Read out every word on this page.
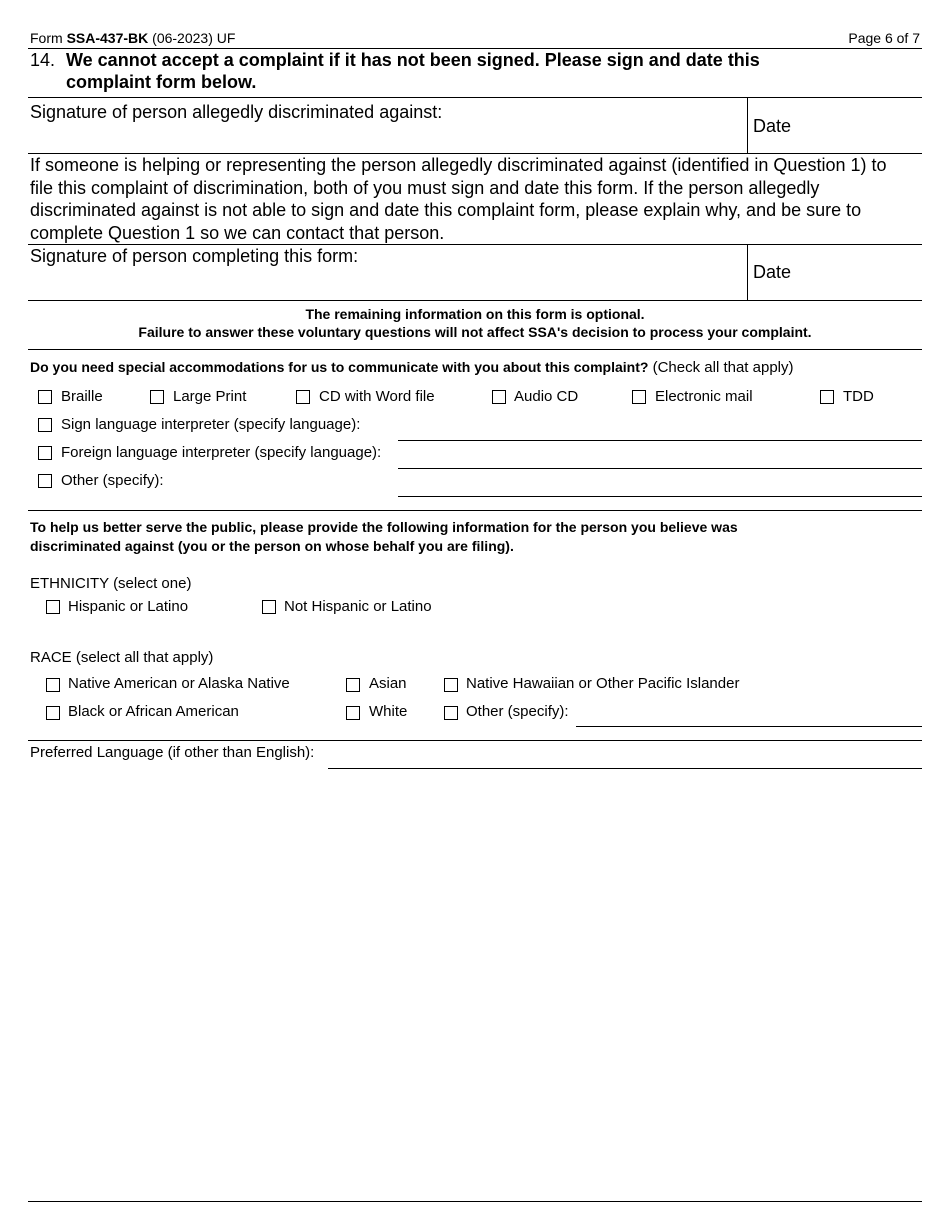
Form SSA-437-BK (06-2023) UF	Page 6 of 7
14. We cannot accept a complaint if it has not been signed. Please sign and date this
complaint form below.
Signature of person allegedly discriminated against:
Date
If someone is helping or representing the person allegedly discriminated against (identified in Question 1) to
file this complaint of discrimination, both of you must sign and date this form. If the person allegedly
discriminated against is not able to sign and date this complaint form, please explain why, and be sure to
complete Question 1 so we can contact that person.
Signature of person completing this form:
Date
The remaining information on this form is optional.
Failure to answer these voluntary questions will not affect SSA's decision to process your complaint.
Do you need special accommodations for us to communicate with you about this complaint? (Check all that apply)
Braille	Large Print	CD with Word file	Audio CD	Electronic mail	TDD
Sign language interpreter (specify language):
Foreign language interpreter (specify language):
Other (specify):
To help us better serve the public, please provide the following information for the person you believe was
discriminated against (you or the person on whose behalf you are filing).
ETHNICITY (select one)
Hispanic or Latino	Not Hispanic or Latino
RACE (select all that apply)
Native American or Alaska Native	Asian	Native Hawaiian or Other Pacific Islander
Black or African American	White	Other (specify):
Preferred Language (if other than English):
